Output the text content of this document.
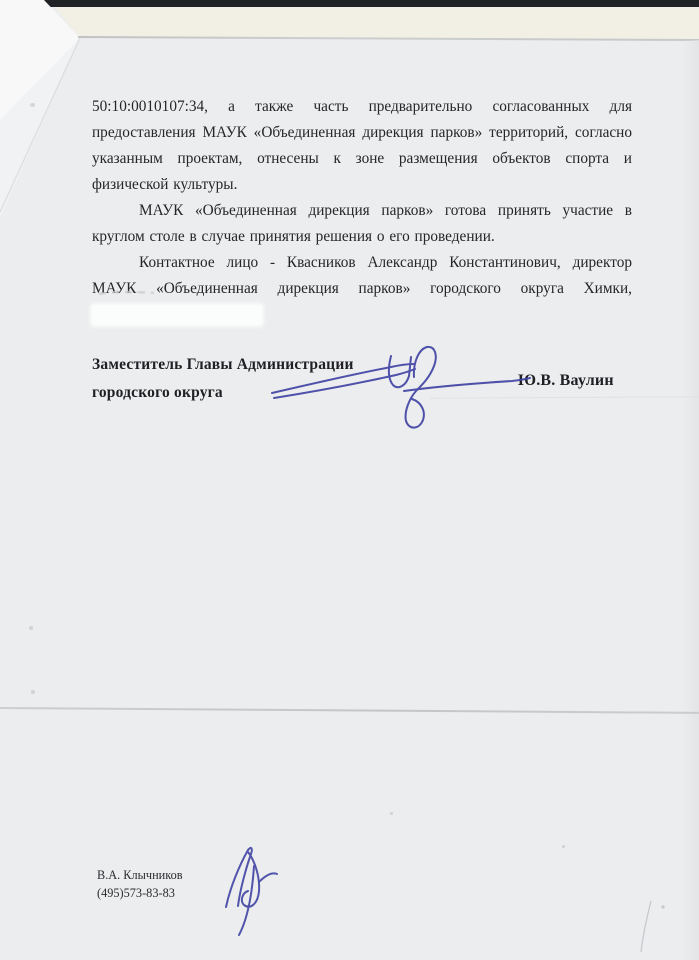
50:10:0010107:34, а также часть предварительно согласованных для предоставления МАУК «Объединенная дирекция парков» территорий, согласно указанным проектам, отнесены к зоне размещения объектов спорта и физической культуры.

МАУК «Объединенная дирекция парков» готова принять участие в круглом столе в случае принятия решения о его проведении.

Контактное лицо - Квасников Александр Константинович, директор МАУК «Объединенная дирекция парков» городского округа Химки,

Заместитель Главы Администрации
городского округа
Ю.В. Ваулин
В.А. Клычников
(495)573-83-83
